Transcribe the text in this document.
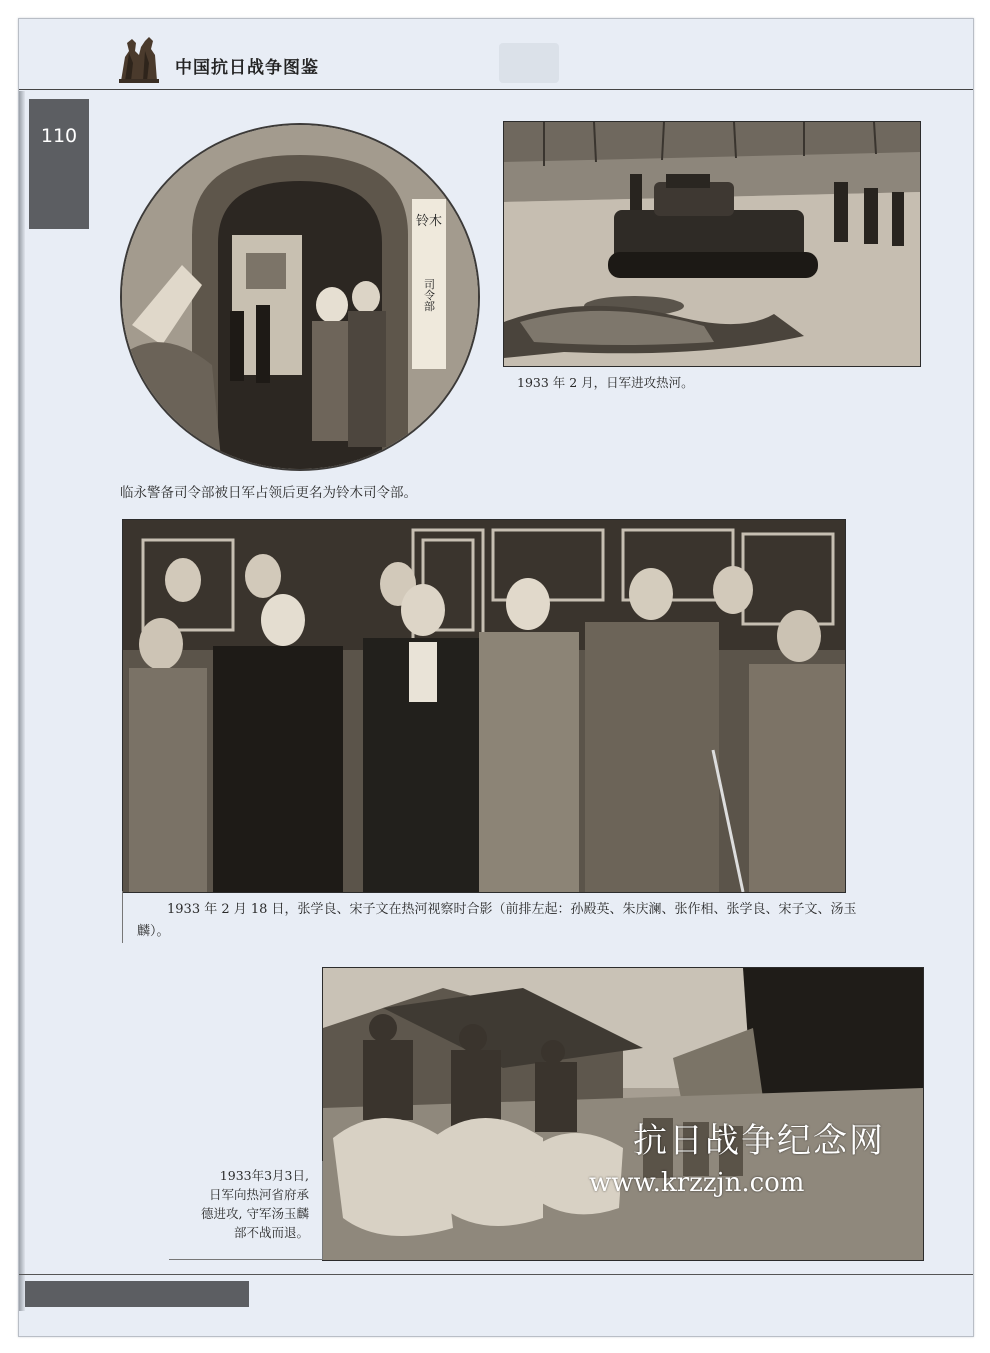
中国抗日战争图鉴
110
铃木
司令部
临永警备司令部被日军占领后更名为铃木司令部。
1933 年 2 月，日军进攻热河。

1933 年 2 月 18 日，张学良、宋子文在热河视察时合影（前排左起：孙殿英、朱庆澜、张作相、张学良、宋子文、汤玉麟）。

1933年3月3日,
日军向热河省府承
德进攻, 守军汤玉麟
部不战而退。
抗日战争纪念网
www.krzzjn.com
